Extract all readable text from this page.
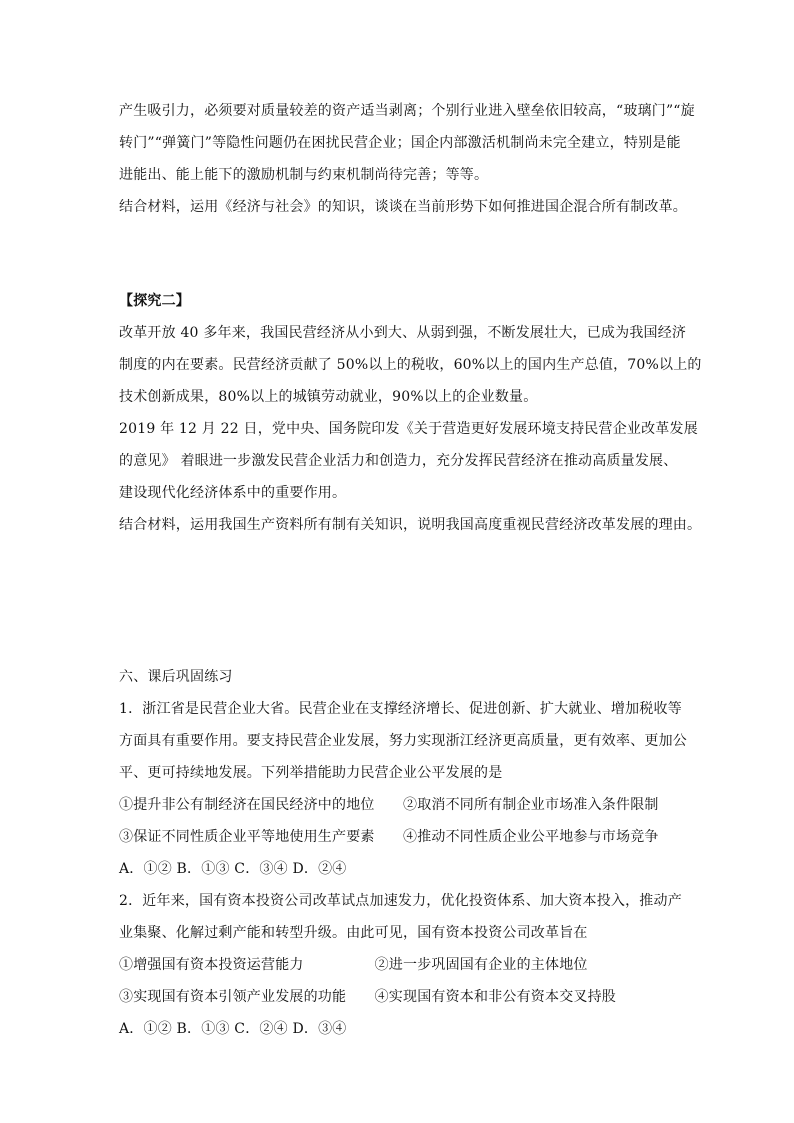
产生吸引力，必须要对质量较差的资产适当剥离；个别行业进入壁垒依旧较高，“玻璃门”“旋
转门”“弹簧门”等隐性问题仍在困扰民营企业；国企内部激活机制尚未完全建立，特别是能
进能出、能上能下的激励机制与约束机制尚待完善；等等。
结合材料，运用《经济与社会》的知识，谈谈在当前形势下如何推进国企混合所有制改革。
【探究二】
改革开放 40 多年来，我国民营经济从小到大、从弱到强，不断发展壮大，已成为我国经济
制度的内在要素。民营经济贡献了 50%以上的税收，60%以上的国内生产总值，70%以上的
技术创新成果，80%以上的城镇劳动就业，90%以上的企业数量。
2019 年 12 月 22 日，党中央、国务院印发《关于营造更好发展环境支持民营企业改革发展
的意见》 着眼进一步激发民营企业活力和创造力，充分发挥民营经济在推动高质量发展、
建设现代化经济体系中的重要作用。
结合材料，运用我国生产资料所有制有关知识，说明我国高度重视民营经济改革发展的理由。
六、课后巩固练习
1．浙江省是民营企业大省。民营企业在支撑经济增长、促进创新、扩大就业、增加税收等
方面具有重要作用。要支持民营企业发展，努力实现浙江经济更高质量，更有效率、更加公
平、更可持续地发展。下列举措能助力民营企业公平发展的是
①提升非公有制经济在国民经济中的地位　　②取消不同所有制企业市场准入条件限制
③保证不同性质企业平等地使用生产要素　　④推动不同性质企业公平地参与市场竞争
A．①② B．①③ C．③④ D．②④
2．近年来，国有资本投资公司改革试点加速发力，优化投资体系、加大资本投入，推动产
业集聚、化解过剩产能和转型升级。由此可见，国有资本投资公司改革旨在
①增强国有资本投资运营能力　　　　　②进一步巩固国有企业的主体地位
③实现国有资本引领产业发展的功能　　④实现国有资本和非公有资本交叉持股
A．①② B．①③ C．②④ D．③④
